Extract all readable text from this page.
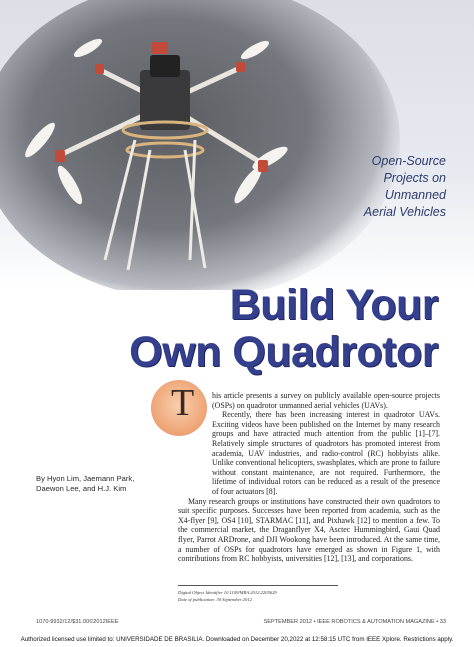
Open-Source
Projects on
Unmanned
Aerial Vehicles
Build Your
Own Quadrotor
By Hyon Lim, Jaemann Park, Daewon Lee, and H.J. Kim
T	his article presents a survey on publicly available open-source projects (OSPs) on quadrotor unmanned aerial vehicles (UAVs).

Recently, there has been increasing interest in quadrotor UAVs. Exciting videos have been published on the Internet by many research groups and have attracted much attention from the public [1]–[7]. Relatively simple structures of quadrotors has promoted interest from academia, UAV industries, and radio-control (RC) hobbyists alike. Unlike conventional helicopters, swashplates, which are prone to failure without constant maintenance, are not required. Furthermore, the lifetime of individual rotors can be reduced as a result of the presence of four actuators [8].

Many research groups or institutions have constructed their own quadrotors to suit specific purposes. Successes have been reported from academia, such as the X4-flyer [9], OS4 [10], STARMAC [11], and Pixhawk [12] to mention a few. To the commercial market, the Draganflyer X4, Asctec Hummingbird, Gaui Quad flyer, Parrot ARDrone, and DJI Wookong have been introduced. At the same time, a number of OSPs for quadrotors have emerged as shown in Figure 1, with contributions from RC hobbyists, universities [12], [13], and corporations.

Digital Object Identifier 10.1109/MRA.2012.2205629
Date of publication: 30 September 2012
1070-9932/12/$31.00©2012IEEE	SEPTEMBER 2012 • IEEE ROBOTICS & AUTOMATION MAGAZINE • 33
Authorized licensed use limited to: UNIVERSIDADE DE BRASILIA. Downloaded on December 20,2022 at 12:58:15 UTC from IEEE Xplore. Restrictions apply.
